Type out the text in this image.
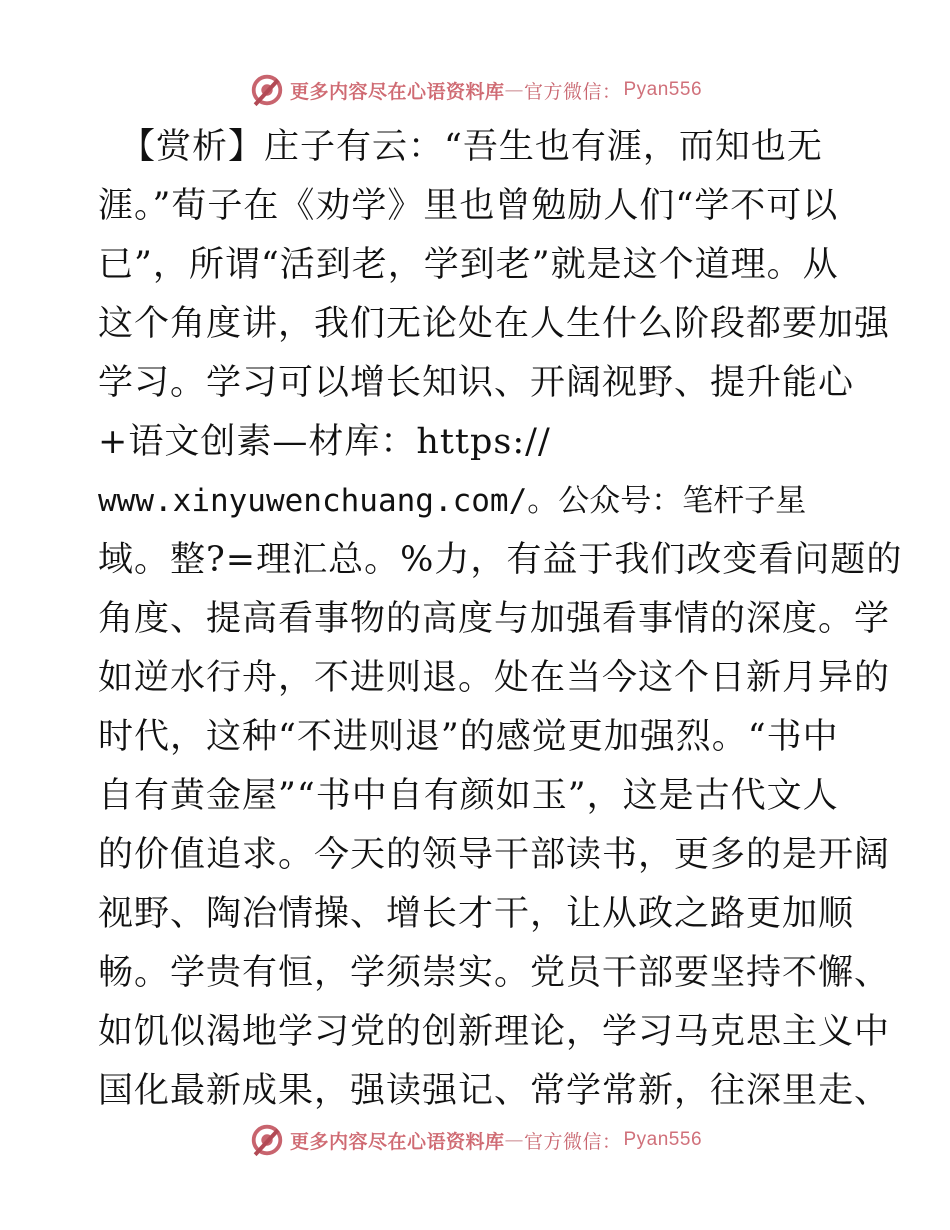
更多内容尽在心语资料库 — 官方微信： Pyan556
【赏析】庄子有云：“吾生也有涯，而知也无
涯。”荀子在《劝学》里也曾勉励人们“学不可以
已”，所谓“活到老，学到老”就是这个道理。从
这个角度讲，我们无论处在人生什么阶段都要加强
学习。学习可以增长知识、开阔视野、提升能心
+语文创素—材库：https://
www.xinyuwenchuang.com/。公众号：笔杆子星
域。整?=理汇总。%力，有益于我们改变看问题的
角度、提高看事物的高度与加强看事情的深度。学
如逆水行舟，不进则退。处在当今这个日新月异的
时代，这种“不进则退”的感觉更加强烈。“书中
自有黄金屋”“书中自有颜如玉”，这是古代文人
的价值追求。今天的领导干部读书，更多的是开阔
视野、陶冶情操、增长才干，让从政之路更加顺
畅。学贵有恒，学须崇实。党员干部要坚持不懈、
如饥似渴地学习党的创新理论，学习马克思主义中
国化最新成果，强读强记、常学常新，往深里走、
更多内容尽在心语资料库 — 官方微信： Pyan556
